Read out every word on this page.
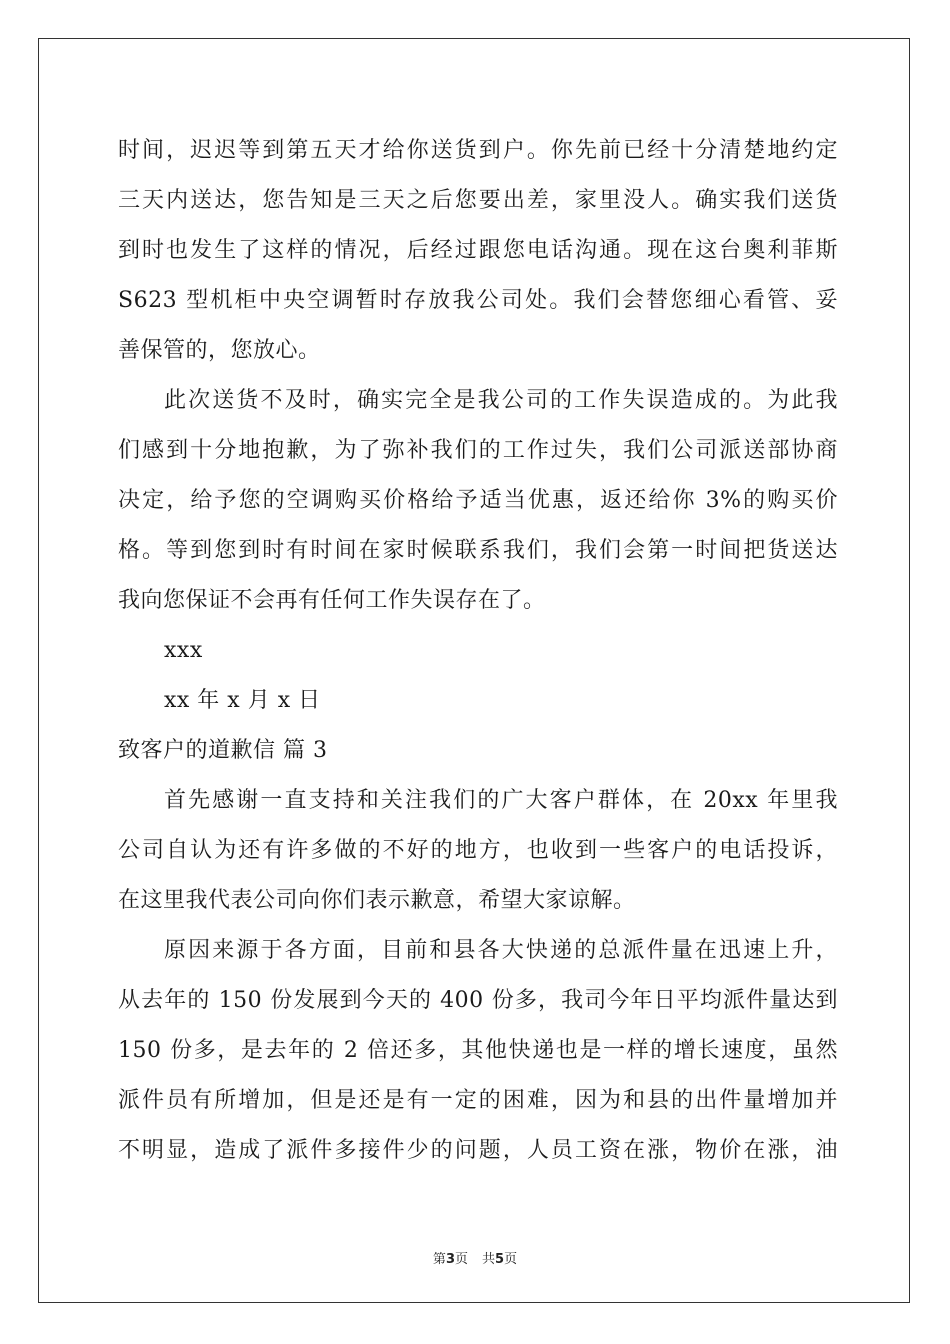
时间，迟迟等到第五天才给你送货到户。你先前已经十分清楚地约定
三天内送达，您告知是三天之后您要出差，家里没人。确实我们送货
到时也发生了这样的情况，后经过跟您电话沟通。现在这台奥利菲斯
S623 型机柜中央空调暂时存放我公司处。我们会替您细心看管、妥
善保管的，您放心。
此次送货不及时，确实完全是我公司的工作失误造成的。为此我
们感到十分地抱歉，为了弥补我们的工作过失，我们公司派送部协商
决定，给予您的空调购买价格给予适当优惠，返还给你 3%的购买价
格。等到您到时有时间在家时候联系我们，我们会第一时间把货送达
我向您保证不会再有任何工作失误存在了。
xxx
xx 年 x 月 x 日
致客户的道歉信 篇 3
首先感谢一直支持和关注我们的广大客户群体，在 20xx 年里我
公司自认为还有许多做的不好的地方，也收到一些客户的电话投诉，
在这里我代表公司向你们表示歉意，希望大家谅解。
原因来源于各方面，目前和县各大快递的总派件量在迅速上升，
从去年的 150 份发展到今天的 400 份多，我司今年日平均派件量达到
150 份多，是去年的 2 倍还多，其他快递也是一样的增长速度，虽然
派件员有所增加，但是还是有一定的困难，因为和县的出件量增加并
不明显，造成了派件多接件少的问题，人员工资在涨，物价在涨，油
第3页 共5页
